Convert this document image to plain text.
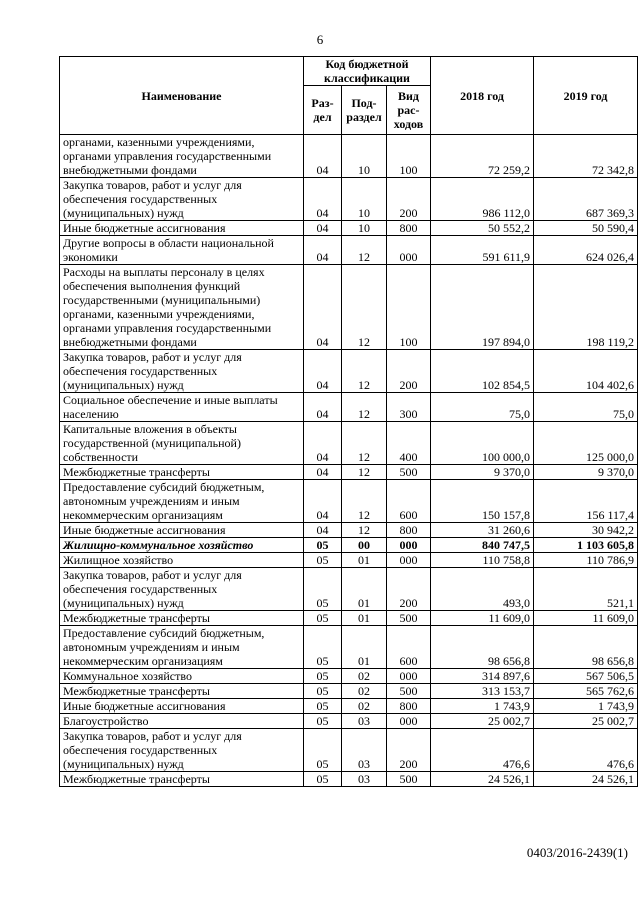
6
Наименование	Код бюджетной классификации			2018 год	2019 год
	Раз-дел	Под-раздел	Вид рас-ходов		
органами, казенными учреждениями, органами управления государственными внебюджетными фондами	04	10	100	72 259,2	72 342,8
Закупка товаров, работ и услуг для обеспечения государственных (муниципальных) нужд	04	10	200	986 112,0	687 369,3
Иные бюджетные ассигнования	04	10	800	50 552,2	50 590,4
Другие вопросы в области национальной экономики	04	12	000	591 611,9	624 026,4
Расходы на выплаты персоналу в целях обеспечения выполнения функций государственными (муниципальными) органами, казенными учреждениями, органами управления государственными внебюджетными фондами	04	12	100	197 894,0	198 119,2
Закупка товаров, работ и услуг для обеспечения государственных (муниципальных) нужд	04	12	200	102 854,5	104 402,6
Социальное обеспечение и иные выплаты населению	04	12	300	75,0	75,0
Капитальные вложения в объекты государственной (муниципальной) собственности	04	12	400	100 000,0	125 000,0
Межбюджетные трансферты	04	12	500	9 370,0	9 370,0
Предоставление субсидий бюджетным, автономным учреждениям и иным некоммерческим организациям	04	12	600	150 157,8	156 117,4
Иные бюджетные ассигнования	04	12	800	31 260,6	30 942,2
Жилищно-коммунальное хозяйство	05	00	000	840 747,5	1 103 605,8
Жилищное хозяйство	05	01	000	110 758,8	110 786,9
Закупка товаров, работ и услуг для обеспечения государственных (муниципальных) нужд	05	01	200	493,0	521,1
Межбюджетные трансферты	05	01	500	11 609,0	11 609,0
Предоставление субсидий бюджетным, автономным учреждениям и иным некоммерческим организациям	05	01	600	98 656,8	98 656,8
Коммунальное хозяйство	05	02	000	314 897,6	567 506,5
Межбюджетные трансферты	05	02	500	313 153,7	565 762,6
Иные бюджетные ассигнования	05	02	800	1 743,9	1 743,9
Благоустройство	05	03	000	25 002,7	25 002,7
Закупка товаров, работ и услуг для обеспечения государственных (муниципальных) нужд	05	03	200	476,6	476,6
Межбюджетные трансферты	05	03	500	24 526,1	24 526,1
0403/2016-2439(1)
